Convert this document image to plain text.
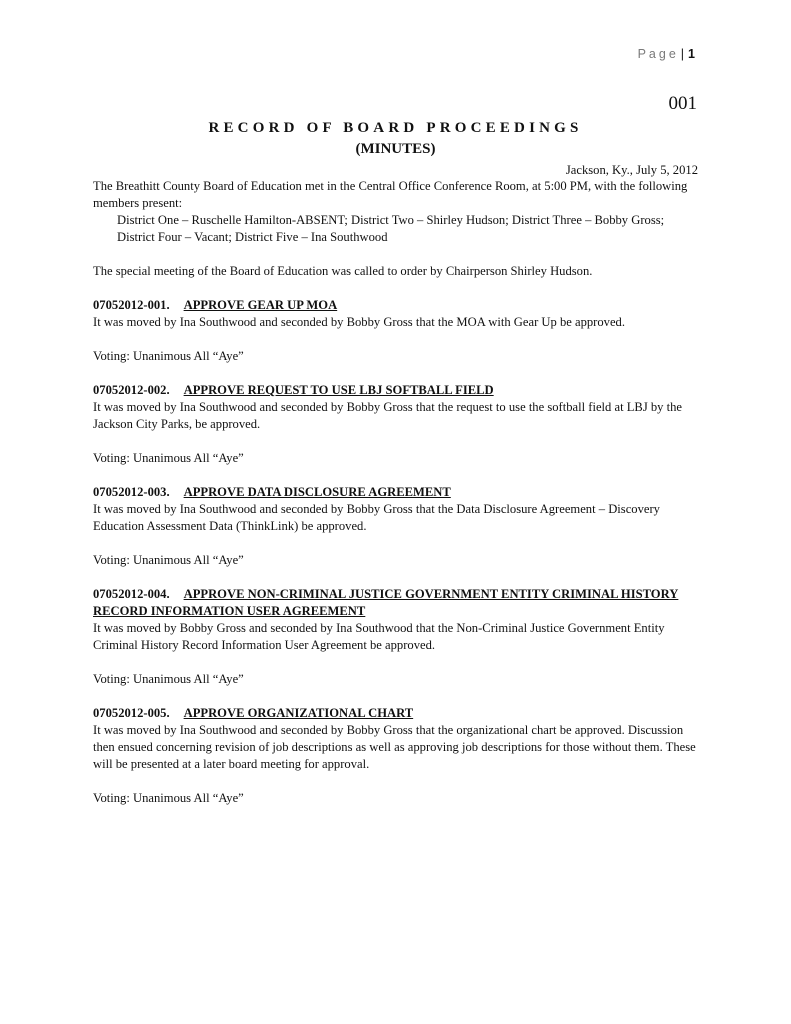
Page | 1
001
RECORD OF BOARD PROCEEDINGS
(MINUTES)
Jackson, Ky., July 5, 2012

The Breathitt County Board of Education met in the Central Office Conference Room, at 5:00 PM, with the following members present:

District One – Ruschelle Hamilton-ABSENT; District Two – Shirley Hudson; District Three – Bobby Gross; District Four – Vacant; District Five – Ina Southwood

The special meeting of the Board of Education was called to order by Chairperson Shirley Hudson.

07052012-001. APPROVE GEAR UP MOA

It was moved by Ina Southwood and seconded by Bobby Gross that the MOA with Gear Up be approved.

Voting: Unanimous All “Aye”

07052012-002. APPROVE REQUEST TO USE LBJ SOFTBALL FIELD

It was moved by Ina Southwood and seconded by Bobby Gross that the request to use the softball field at LBJ by the Jackson City Parks, be approved.

Voting: Unanimous All “Aye”

07052012-003. APPROVE DATA DISCLOSURE AGREEMENT

It was moved by Ina Southwood and seconded by Bobby Gross that the Data Disclosure Agreement – Discovery Education Assessment Data (ThinkLink) be approved.

Voting: Unanimous All “Aye”

07052012-004. APPROVE NON-CRIMINAL JUSTICE GOVERNMENT ENTITY CRIMINAL HISTORY RECORD INFORMATION USER AGREEMENT

It was moved by Bobby Gross and seconded by Ina Southwood that the Non-Criminal Justice Government Entity Criminal History Record Information User Agreement be approved.

Voting: Unanimous All “Aye”

07052012-005. APPROVE ORGANIZATIONAL CHART

It was moved by Ina Southwood and seconded by Bobby Gross that the organizational chart be approved. Discussion then ensued concerning revision of job descriptions as well as approving job descriptions for those without them. These will be presented at a later board meeting for approval.

Voting: Unanimous All “Aye”
